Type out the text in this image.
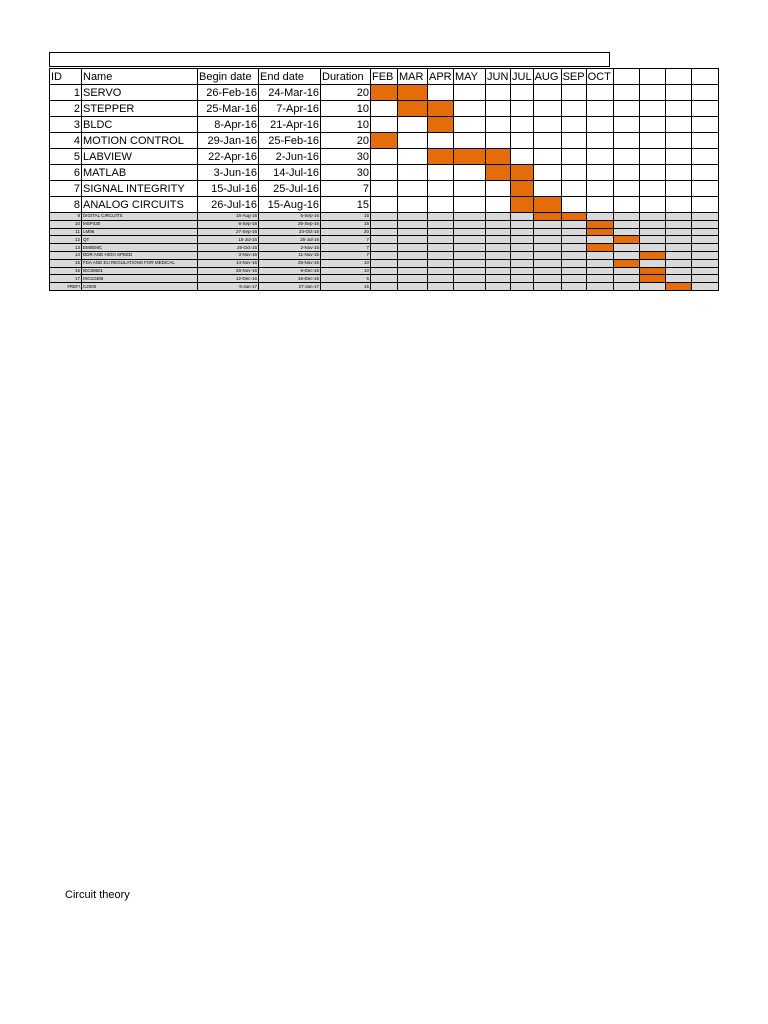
ID	Name	Begin date	End date	Duration	FEB	MAR	APR	MAY	JUN	JUL	AUG	SEP	OCT				
1	SERVO	26-Feb-16	24-Mar-16	20													
2	STEPPER	25-Mar-16	7-Apr-16	10													
3	BLDC	8-Apr-16	21-Apr-16	10													
4	MOTION CONTROL	29-Jan-16	25-Feb-16	20													
5	LABVIEW	22-Apr-16	2-Jun-16	30													
6	MATLAB	3-Jun-16	14-Jul-16	30													
7	SIGNAL INTEGRITY	15-Jul-16	25-Jul-16	7													
8	ANALOG CIRCUITS	26-Jul-16	15-Aug-16	15													
9	DIGITAL CIRCUITS	16-Aug-16	5-Sep-16	15													
10	MSP430	6-Sep-16	26-Sep-16	15													
11	LM96	27-Sep-16	24-Oct-16	20													
12	QT	15-Jul-16	25-Jul-16	7													
13	EMI/EMC	25-Oct-16	2-Nov-16	7													
14	DDR AND HIGH SPEED	3-Nov-16	11-Nov-16	7													
15	FDA AND EU REGULATIONS FOR MEDICAL	14-Nov-16	25-Nov-16	10													
16	IEC60601	28-Nov-16	9-Dec-16	10													
17	ISO13485	12-Dec-16	16-Dec-16	5													
#REF!	C2000	9-Jan-17	27-Jan-17	15													
Circuit theory
